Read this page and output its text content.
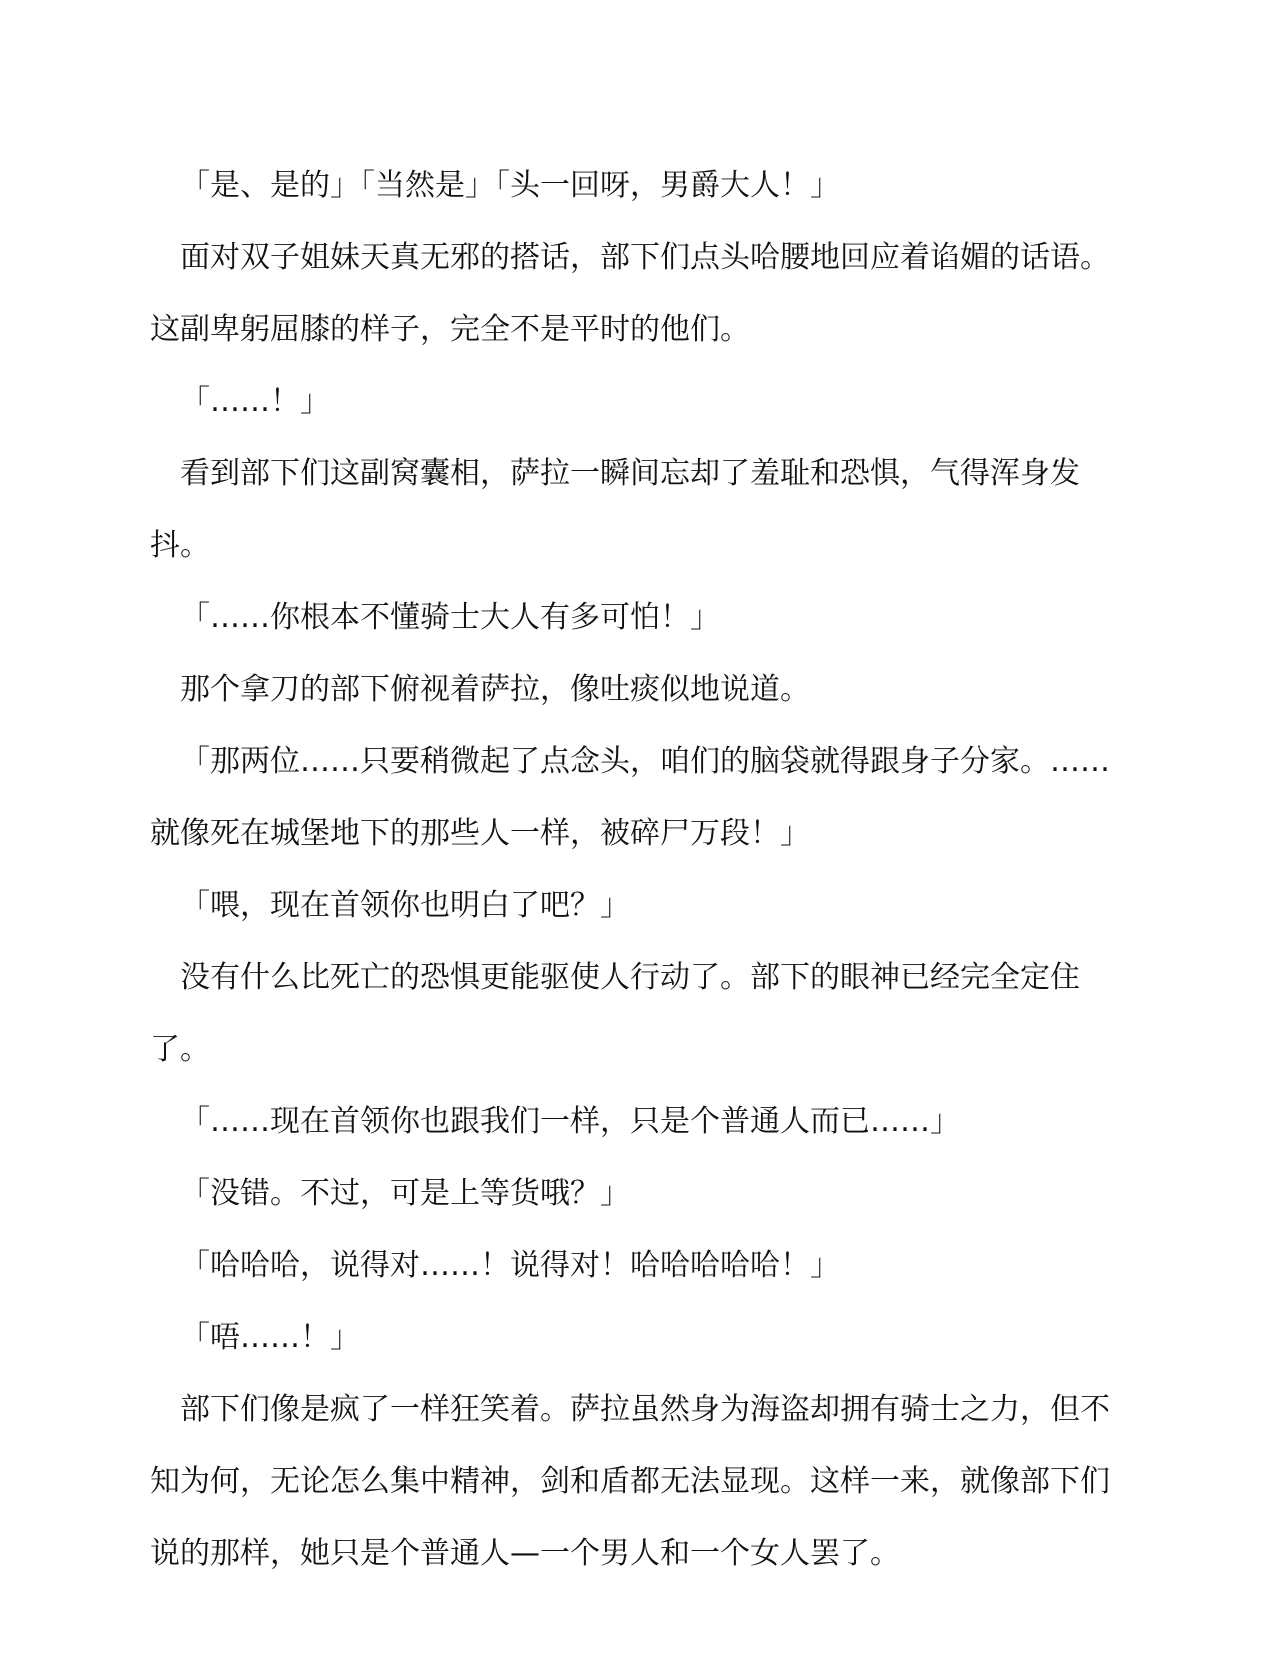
「是、是的」「当然是」「头一回呀，男爵大人！」

面对双子姐妹天真无邪的搭话，部下们点头哈腰地回应着谄媚的话语。这副卑躬屈膝的样子，完全不是平时的他们。

「……！」

看到部下们这副窝囊相，萨拉一瞬间忘却了羞耻和恐惧，气得浑身发抖。

「……你根本不懂骑士大人有多可怕！」

那个拿刀的部下俯视着萨拉，像吐痰似地说道。

「那两位……只要稍微起了点念头，咱们的脑袋就得跟身子分家。……就像死在城堡地下的那些人一样，被碎尸万段！」

「喂，现在首领你也明白了吧？」

没有什么比死亡的恐惧更能驱使人行动了。部下的眼神已经完全定住了。

「……现在首领你也跟我们一样，只是个普通人而已……」

「没错。不过，可是上等货哦？」

「哈哈哈，说得对……！说得对！哈哈哈哈哈！」

「唔……！」

部下们像是疯了一样狂笑着。萨拉虽然身为海盗却拥有骑士之力，但不知为何，无论怎么集中精神，剑和盾都无法显现。这样一来，就像部下们说的那样，她只是个普通人—一个男人和一个女人罢了。
